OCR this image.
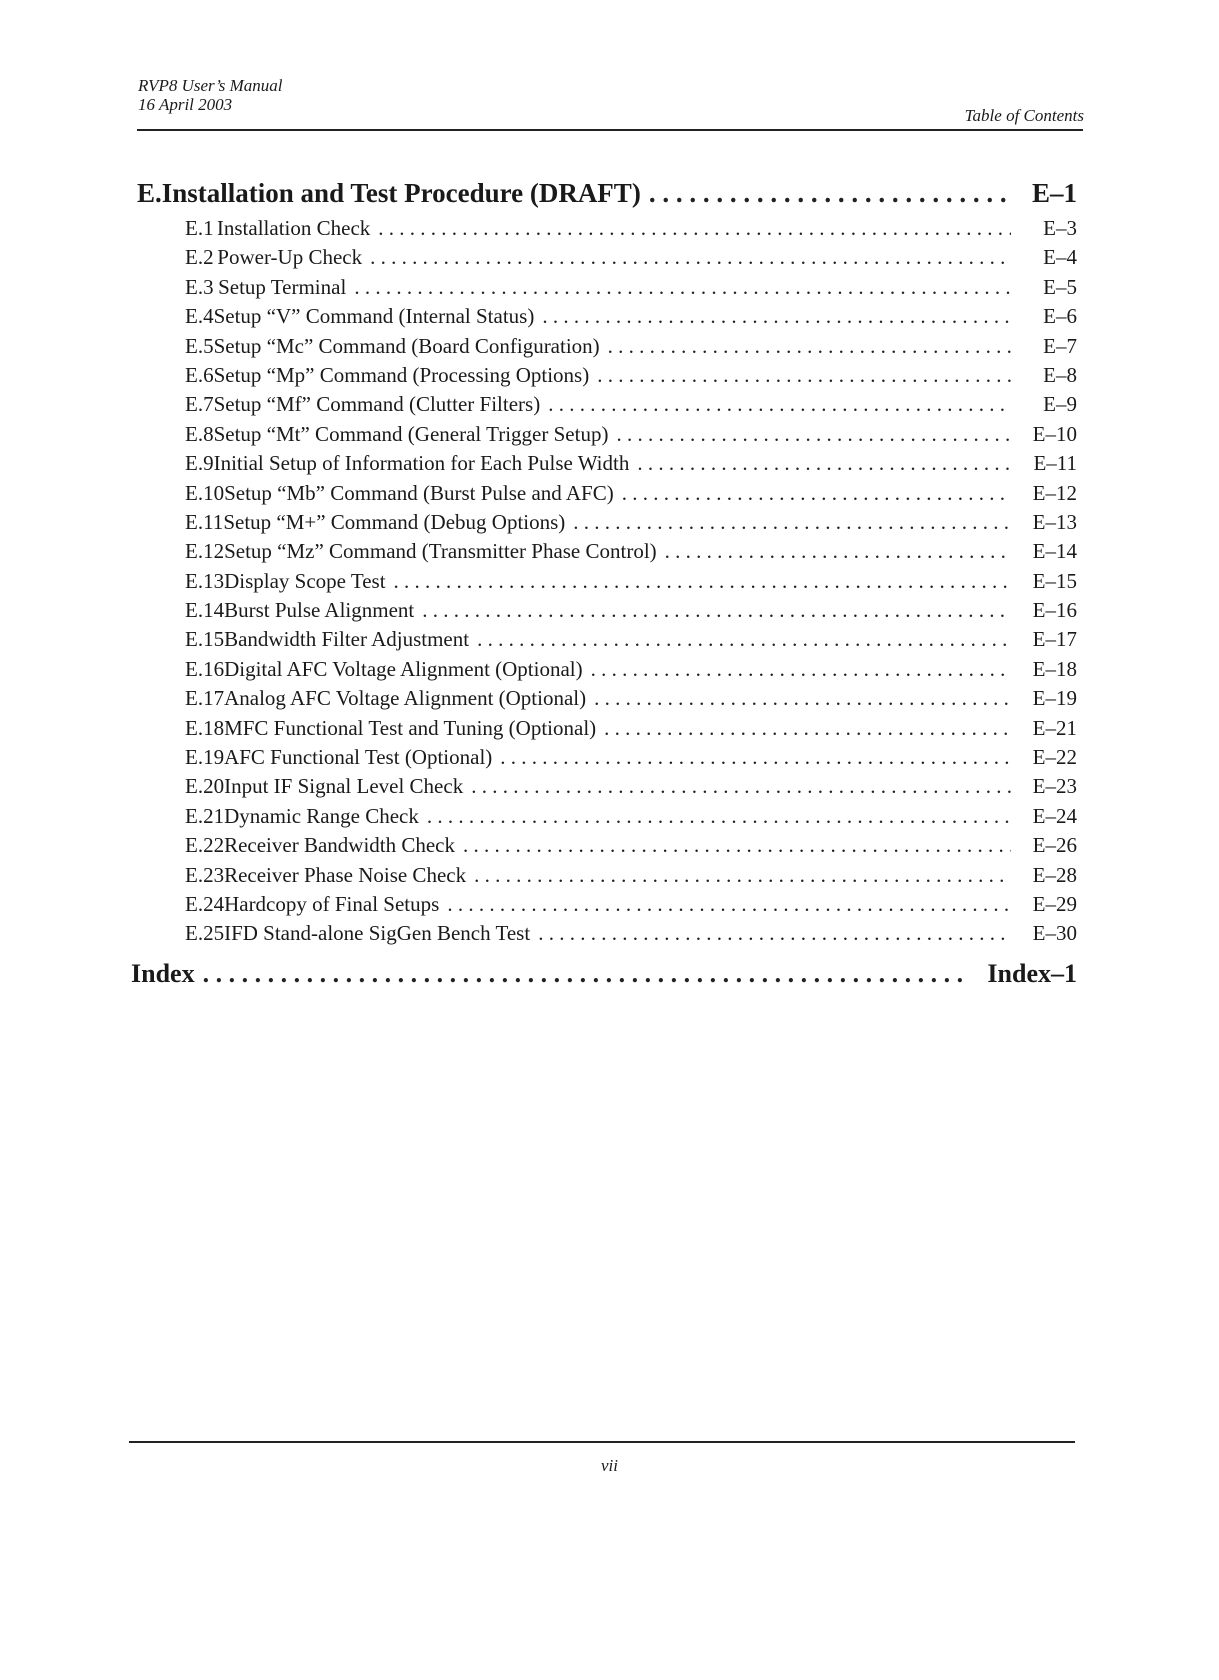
RVP8 User’s Manual
16 April 2003
Table of Contents
E. Installation and Test Procedure (DRAFT) . . .	E–1
E.1 Installation Check . . .	E–3
E.2 Power-Up Check . . .	E–4
E.3 Setup Terminal . . .	E–5
E.4 Setup “V” Command (Internal Status) . . .	E–6
E.5 Setup “Mc” Command (Board Configuration) . . .	E–7
E.6 Setup “Mp” Command (Processing Options) . . .	E–8
E.7 Setup “Mf” Command (Clutter Filters) . . .	E–9
E.8 Setup “Mt” Command (General Trigger Setup) . . .	E–10
E.9 Initial Setup of Information for Each Pulse Width . . .	E–11
E.10 Setup “Mb” Command (Burst Pulse and AFC) . . .	E–12
E.11 Setup “M+” Command (Debug Options) . . .	E–13
E.12 Setup “Mz” Command (Transmitter Phase Control) . . .	E–14
E.13 Display Scope Test . . .	E–15
E.14 Burst Pulse Alignment . . .	E–16
E.15 Bandwidth Filter Adjustment . . .	E–17
E.16 Digital AFC Voltage Alignment (Optional) . . .	E–18
E.17 Analog AFC Voltage Alignment (Optional) . . .	E–19
E.18 MFC Functional Test and Tuning (Optional) . . .	E–21
E.19 AFC Functional Test (Optional) . . .	E–22
E.20 Input IF Signal Level Check . . .	E–23
E.21 Dynamic Range Check . . .	E–24
E.22 Receiver Bandwidth Check . . .	E–26
E.23 Receiver Phase Noise Check . . .	E–28
E.24 Hardcopy of Final Setups . . .	E–29
E.25 IFD Stand-alone SigGen Bench Test . . .	E–30
Index . . .	Index–1
vii
